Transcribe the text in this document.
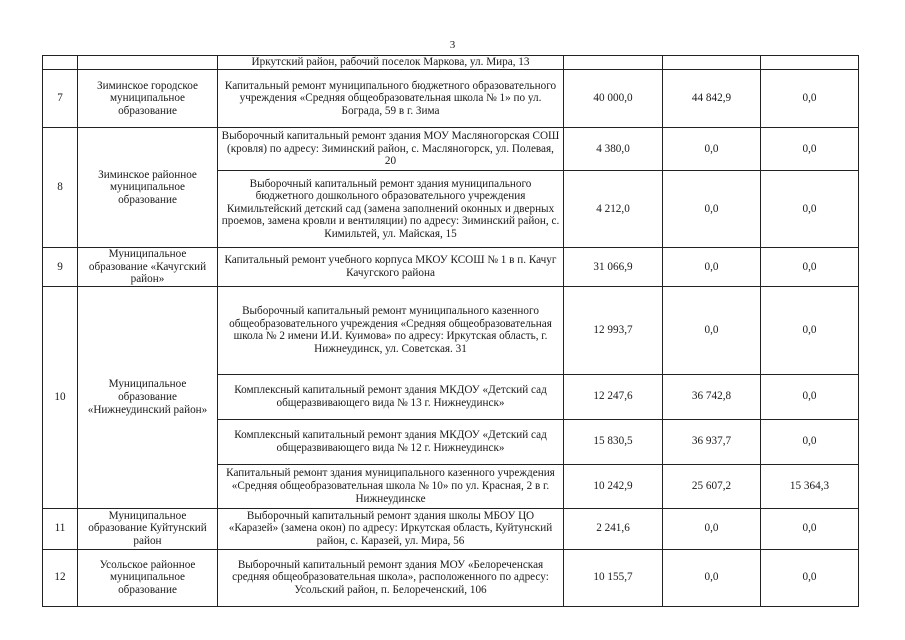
3
		Иркутский район, рабочий поселок Маркова, ул. Мира, 13			
7	Зиминское городское муниципальное образование	Капитальный ремонт муниципального бюджетного образовательного учреждения «Средняя общеобразовательная школа № 1» по ул. Бограда, 59 в г. Зима	40 000,0	44 842,9	0,0
8	Зиминское районное муниципальное образование	Выборочный капитальный ремонт здания МОУ Масляногорская СОШ (кровля) по адресу: Зиминский район, с. Масляногорск, ул. Полевая, 20	4 380,0	0,0	0,0
		Выборочный капитальный ремонт здания муниципального бюджетного дошкольного образовательного учреждения Кимильтейский детский сад (замена заполнений оконных и дверных проемов, замена кровли и вентиляции) по адресу: Зиминский район, с. Кимильтей, ул. Майская, 15	4 212,0	0,0	0,0
9	Муниципальное образование «Качугский район»	Капитальный ремонт учебного корпуса МКОУ КСОШ № 1 в п. Качуг Качугского района	31 066,9	0,0	0,0
10	Муниципальное образование «Нижнеудинский район»	Выборочный капитальный ремонт муниципального казенного общеобразовательного учреждения «Средняя общеобразовательная школа № 2 имени И.И. Куимова» по адресу: Иркутская область, г. Нижнеудинск, ул. Советская. 31	12 993,7	0,0	0,0
		Комплексный капитальный ремонт здания МКДОУ «Детский сад общеразвивающего вида № 13 г. Нижнеудинск»	12 247,6	36 742,8	0,0
		Комплексный капитальный ремонт здания МКДОУ «Детский сад общеразвивающего вида № 12 г. Нижнеудинск»	15 830,5	36 937,7	0,0
		Капитальный ремонт здания муниципального казенного учреждения «Средняя общеобразовательная школа № 10» по ул. Красная, 2 в г. Нижнеудинске	10 242,9	25 607,2	15 364,3
11	Муниципальное образование Куйтунский район	Выборочный капитальный ремонт здания школы МБОУ ЦО «Каразей» (замена окон) по адресу: Иркутская область, Куйтунский район, с. Каразей, ул. Мира, 56	2 241,6	0,0	0,0
12	Усольское районное муниципальное образование	Выборочный капитальный ремонт здания МОУ «Белореченская средняя общеобразовательная школа», расположенного по адресу: Усольский район, п. Белореченский, 106	10 155,7	0,0	0,0
